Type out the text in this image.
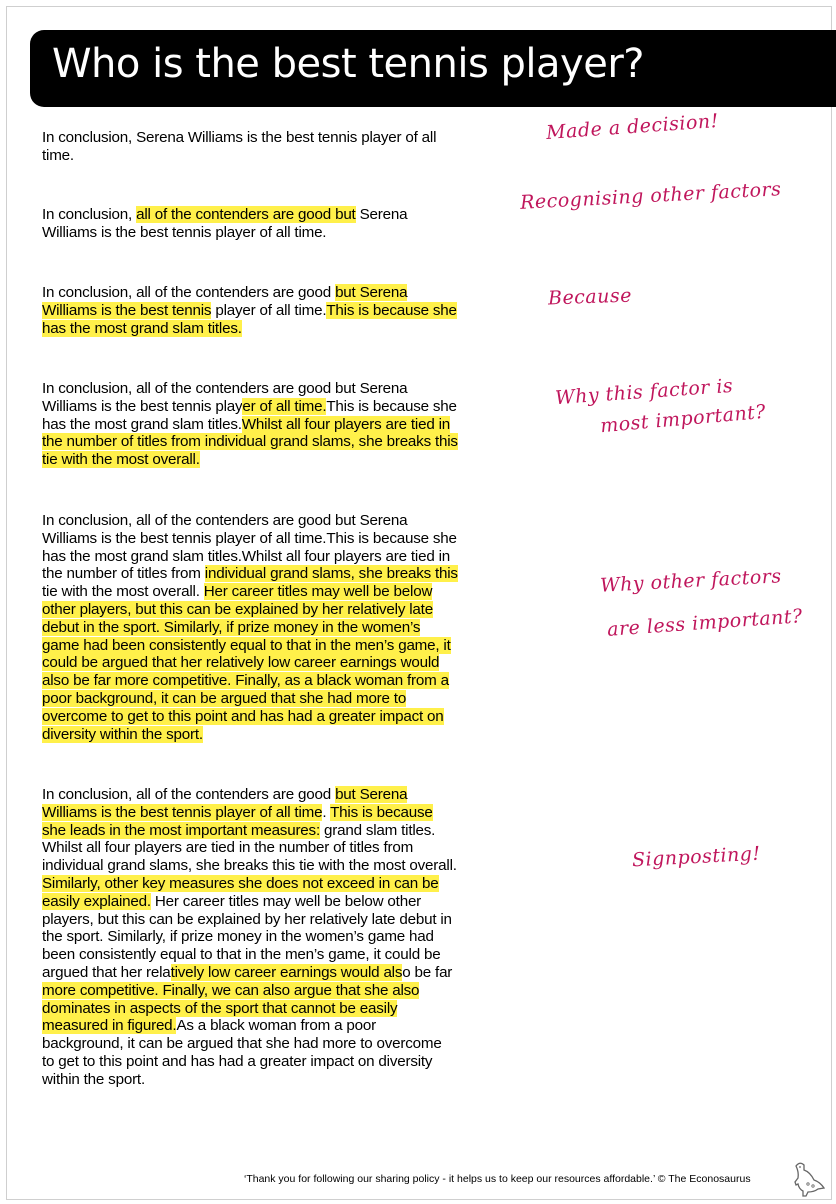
Who is the best tennis player?
In conclusion, Serena Williams is the best tennis player of all
time.
In conclusion, all of the contenders are good but Serena
Williams is the best tennis player of all time.
In conclusion, all of the contenders are good but Serena
Williams is the best tennis player of all time.This is because she
has the most grand slam titles.
In conclusion, all of the contenders are good but Serena
Williams is the best tennis player of all time.This is because she
has the most grand slam titles.Whilst all four players are tied in
the number of titles from individual grand slams, she breaks this
tie with the most overall.
In conclusion, all of the contenders are good but Serena
Williams is the best tennis player of all time.This is because she
has the most grand slam titles.Whilst all four players are tied in
the number of titles from individual grand slams, she breaks this
tie with the most overall. Her career titles may well be below
other players, but this can be explained by her relatively late
debut in the sport. Similarly, if prize money in the women’s
game had been consistently equal to that in the men’s game, it
could be argued that her relatively low career earnings would
also be far more competitive. Finally, as a black woman from a
poor background, it can be argued that she had more to
overcome to get to this point and has had a greater impact on
diversity within the sport.
In conclusion, all of the contenders are good but Serena
Williams is the best tennis player of all time. This is because
she leads in the most important measures: grand slam titles.
Whilst all four players are tied in the number of titles from
individual grand slams, she breaks this tie with the most overall.
Similarly, other key measures she does not exceed in can be
easily explained. Her career titles may well be below other
players, but this can be explained by her relatively late debut in
the sport. Similarly, if prize money in the women’s game had
been consistently equal to that in the men’s game, it could be
argued that her relatively low career earnings would also be far
more competitive. Finally, we can also argue that she also
dominates in aspects of the sport that cannot be easily
measured in figured.As a black woman from a poor
background, it can be argued that she had more to overcome
to get to this point and has had a greater impact on diversity
within the sport.
Made a decision!
Recognising other factors
Because
Why this factor is
most important?
Why other factors
are less important?
Signposting!
‘Thank you for following our sharing policy - it helps us to keep our resources affordable.’ © The Econosaurus
